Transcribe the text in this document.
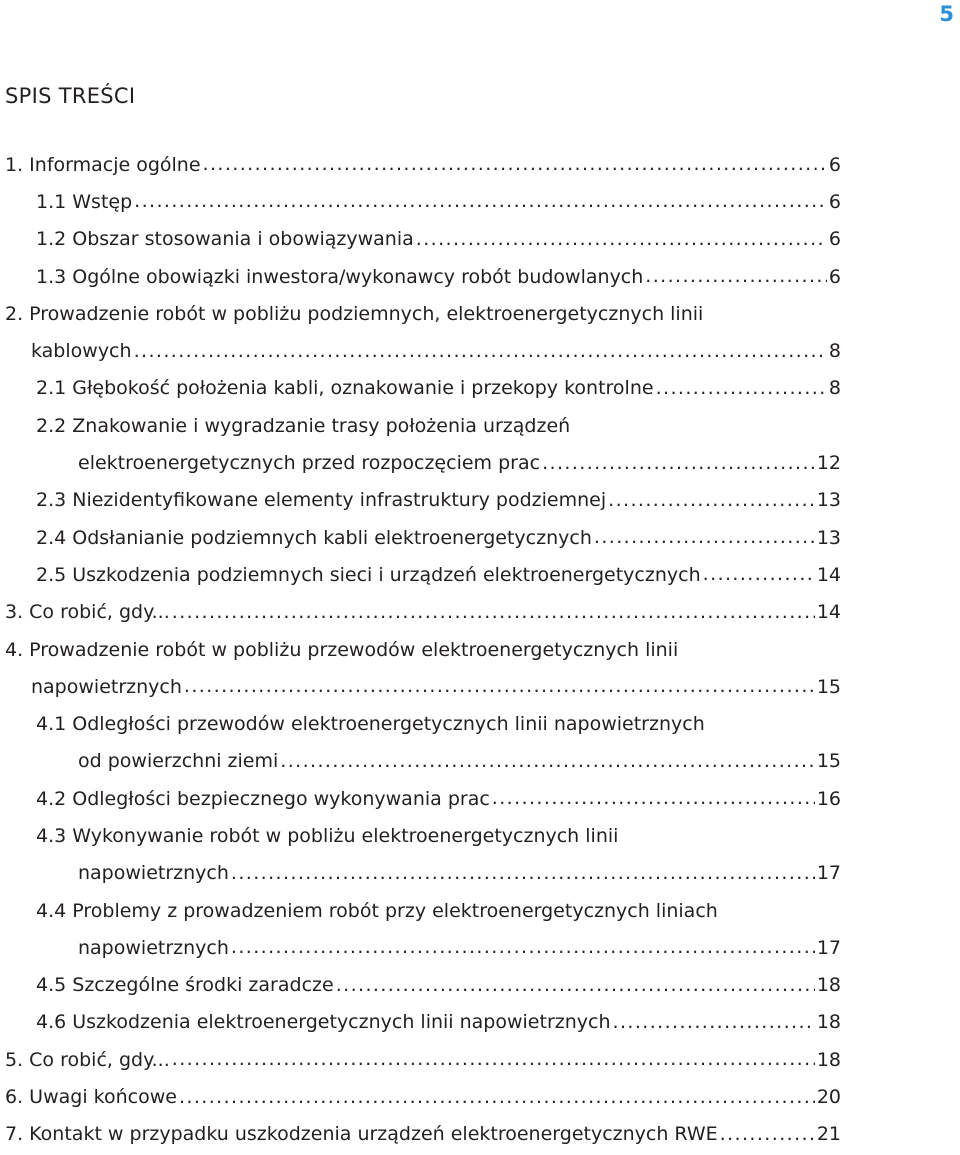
5
SPIS TREŚCI
1. Informacje ogólne .....	6
1.1 Wstęp .....	6
1.2 Obszar stosowania i obowiązywania .....	6
1.3 Ogólne obowiązki inwestora/wykonawcy robót budowlanych .....	6
2. Prowadzenie robót w pobliżu podziemnych, elektroenergetycznych linii
kablowych .....	8
2.1 Głębokość położenia kabli, oznakowanie i przekopy kontrolne .....	8
2.2 Znakowanie i wygradzanie trasy położenia urządzeń
elektroenergetycznych przed rozpoczęciem prac .....	12
2.3 Niezidentyfikowane elementy infrastruktury podziemnej .....	13
2.4 Odsłanianie podziemnych kabli elektroenergetycznych .....	13
2.5 Uszkodzenia podziemnych sieci i urządzeń elektroenergetycznych .....	14
3. Co robić, gdy... .....	14
4. Prowadzenie robót w pobliżu przewodów elektroenergetycznych linii
napowietrznych .....	15
4.1 Odległości przewodów elektroenergetycznych linii napowietrznych
od powierzchni ziemi .....	15
4.2 Odległości bezpiecznego wykonywania prac .....	16
4.3 Wykonywanie robót w pobliżu elektroenergetycznych linii
napowietrznych .....	17
4.4 Problemy z prowadzeniem robót przy elektroenergetycznych liniach
napowietrznych .....	17
4.5 Szczególne środki zaradcze .....	18
4.6 Uszkodzenia elektroenergetycznych linii napowietrznych .....	18
5. Co robić, gdy... .....	18
6. Uwagi końcowe .....	20
7. Kontakt w przypadku uszkodzenia urządzeń elektroenergetycznych RWE .....	21
